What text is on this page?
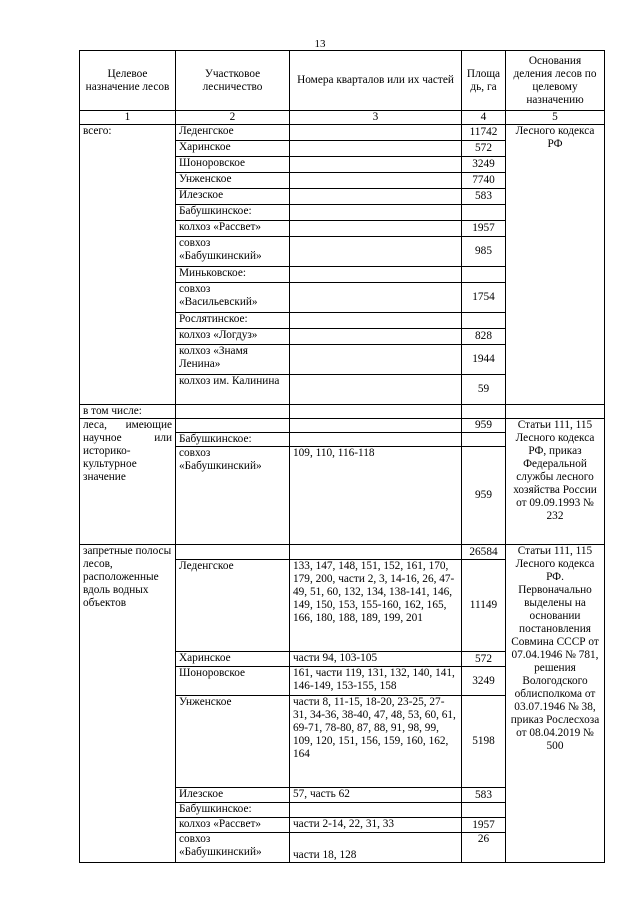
13
Целевое назначение лесов	Участковое лесничество	Номера кварталов или их частей	Площа дь, га	Основания деления лесов по целевому назначению
1	2	3	4	5
всего:	Леденгское		11742	Лесного кодекса РФ
	Харинское		572	
	Шоноровское		3249	
	Унженское		7740	
	Илезское		583	
	Бабушкинское:			
	колхоз «Рассвет»		1957	
	совхоз «Бабушкинский»		985	
	Миньковское:			
	совхоз «Васильевский»		1754	
	Рослятинское:			
	колхоз «Логдуз»		828	
	колхоз «Знамя Ленина»		1944	
	колхоз им. Калинина		59	
в том числе:				
леса, имеющие научное или историко-культурное значение			959	Статьи 111, 115 Лесного кодекса РФ, приказ Федеральной службы лесного хозяйства России от 09.09.1993 № 232
	Бабушкинское:			
	совхоз «Бабушкинский»	109, 110, 116-118	959	
запретные полосы лесов, расположенные вдоль водных объектов			26584	Статьи 111, 115 Лесного кодекса РФ. Первоначально выделены на основании постановления Совмина СССР от 07.04.1946 № 781, решения Вологодского облисполкома от 03.07.1946 № 38, приказ Рослесхоза от 08.04.2019 № 500
	Леденгское	133, 147, 148, 151, 152, 161, 170, 179, 200, части 2, 3, 14-16, 26, 47-49, 51, 60, 132, 134, 138-141, 146, 149, 150, 153, 155-160, 162, 165, 166, 180, 188, 189, 199, 201	11149	
	Харинское	части 94, 103-105	572	
	Шоноровское	161, части 119, 131, 132, 140, 141, 146-149, 153-155, 158	3249	
	Унженское	части 8, 11-15, 18-20, 23-25, 27-31, 34-36, 38-40, 47, 48, 53, 60, 61, 69-71, 78-80, 87, 88, 91, 98, 99, 109, 120, 151, 156, 159, 160, 162, 164	5198	
	Илезское	57, часть 62	583	
	Бабушкинское:			
	колхоз «Рассвет»	части 2-14, 22, 31, 33	1957	
	совхоз «Бабушкинский»	части 18, 128	26	
